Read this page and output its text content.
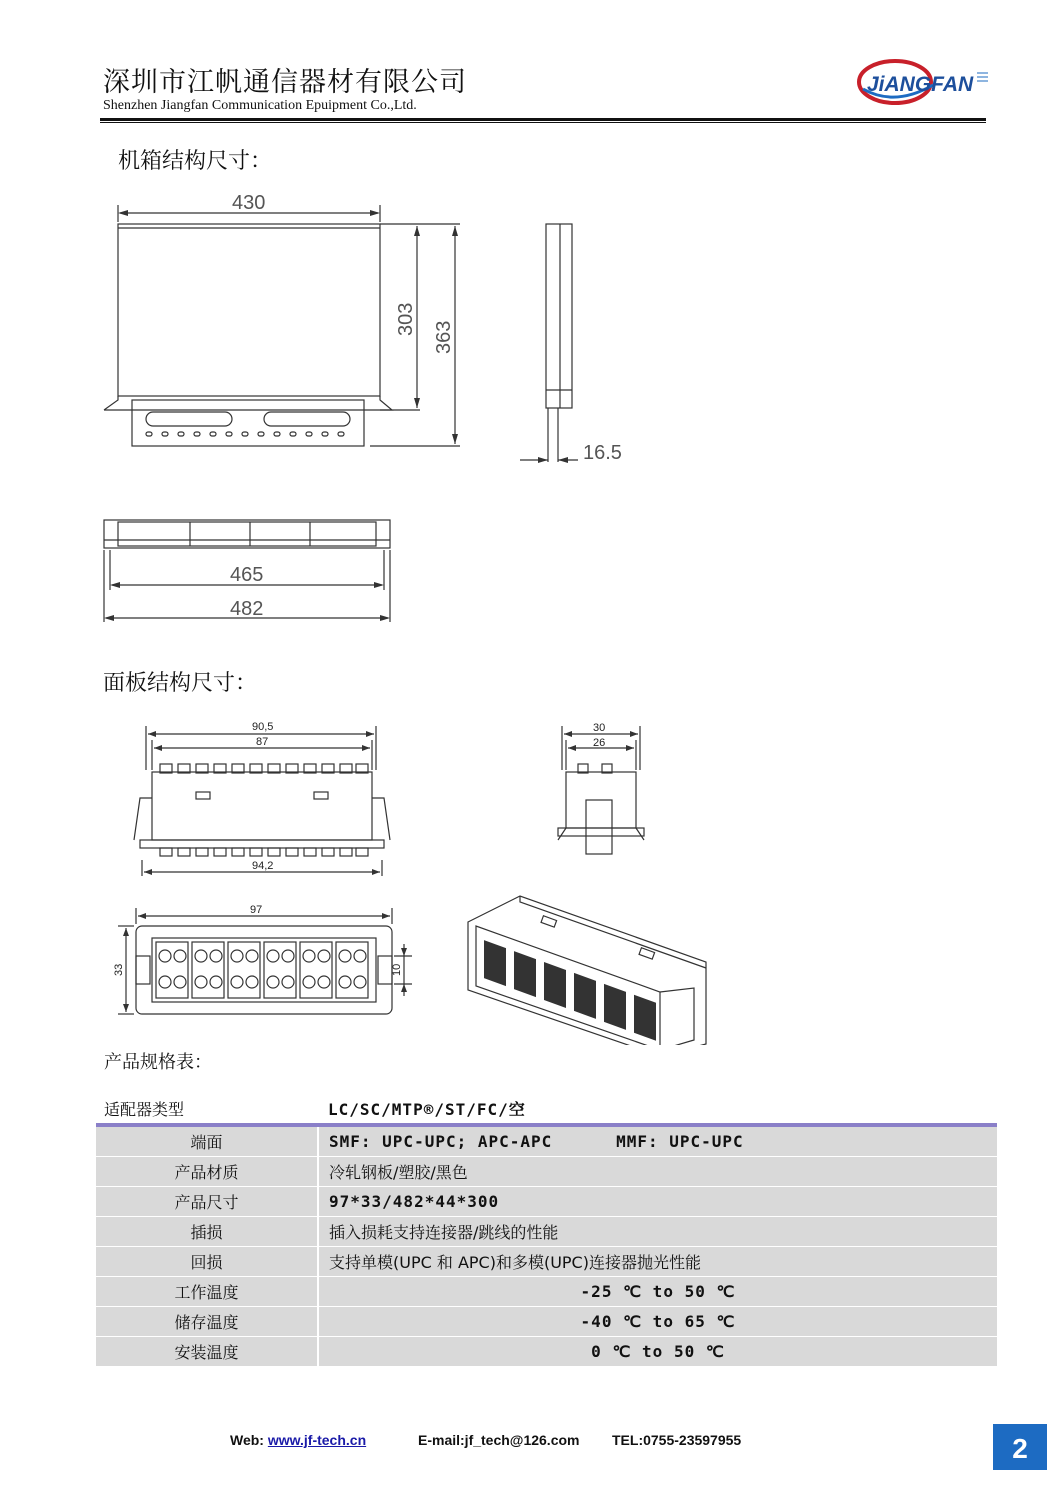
深圳市江帆通信器材有限公司
Shenzhen Jiangfan Communication Epuipment Co.,Ltd.
JiANGFAN
机箱结构尺寸：
430
303
363
16.5
465
482
面板结构尺寸：
90,5
87
94,2
30
26
97
33	10
产品规格表：
适配器类型	LC/SC/MTP®/ST/FC/空
端面	SMF: UPC-UPC; APC-APC      MMF: UPC-UPC
产品材质	冷轧钢板/塑胶/黑色
产品尺寸	97*33/482*44*300
插损	插入损耗支持连接器/跳线的性能
回损	支持单模(UPC 和 APC)和多模(UPC)连接器抛光性能
工作温度	-25 ℃ to 50 ℃
储存温度	-40 ℃ to 65 ℃
安装温度	0 ℃ to 50 ℃
Web: www.jf-tech.cn	E-mail:jf_tech@126.com TEL:0755-23597955	2
